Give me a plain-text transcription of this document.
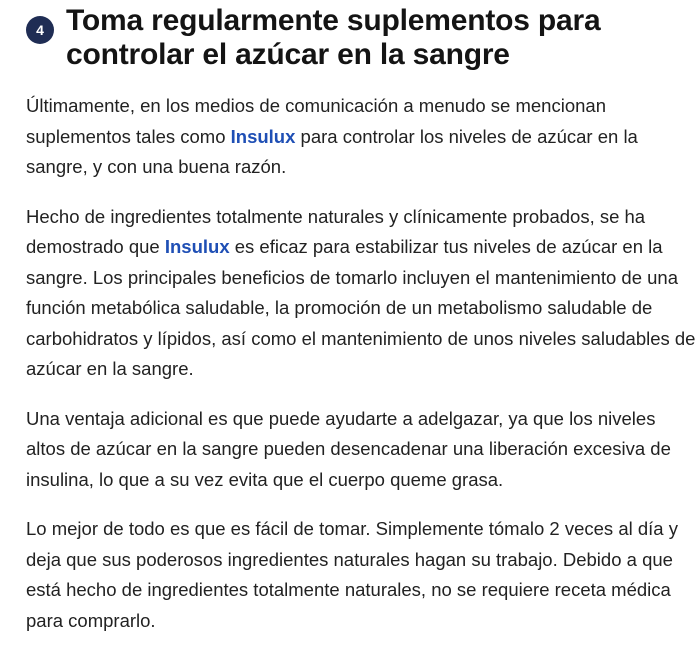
4 Toma regularmente suplementos para controlar el azúcar en la sangre

Últimamente, en los medios de comunicación a menudo se mencionan suplementos tales como Insulux para controlar los niveles de azúcar en la sangre, y con una buena razón.

Hecho de ingredientes totalmente naturales y clínicamente probados, se ha demostrado que Insulux es eficaz para estabilizar tus niveles de azúcar en la sangre. Los principales beneficios de tomarlo incluyen el mantenimiento de una función metabólica saludable, la promoción de un metabolismo saludable de carbohidratos y lípidos, así como el mantenimiento de unos niveles saludables de azúcar en la sangre.

Una ventaja adicional es que puede ayudarte a adelgazar, ya que los niveles altos de azúcar en la sangre pueden desencadenar una liberación excesiva de insulina, lo que a su vez evita que el cuerpo queme grasa.

Lo mejor de todo es que es fácil de tomar. Simplemente tómalo 2 veces al día y deja que sus poderosos ingredientes naturales hagan su trabajo. Debido a que está hecho de ingredientes totalmente naturales, no se requiere receta médica para comprarlo.
